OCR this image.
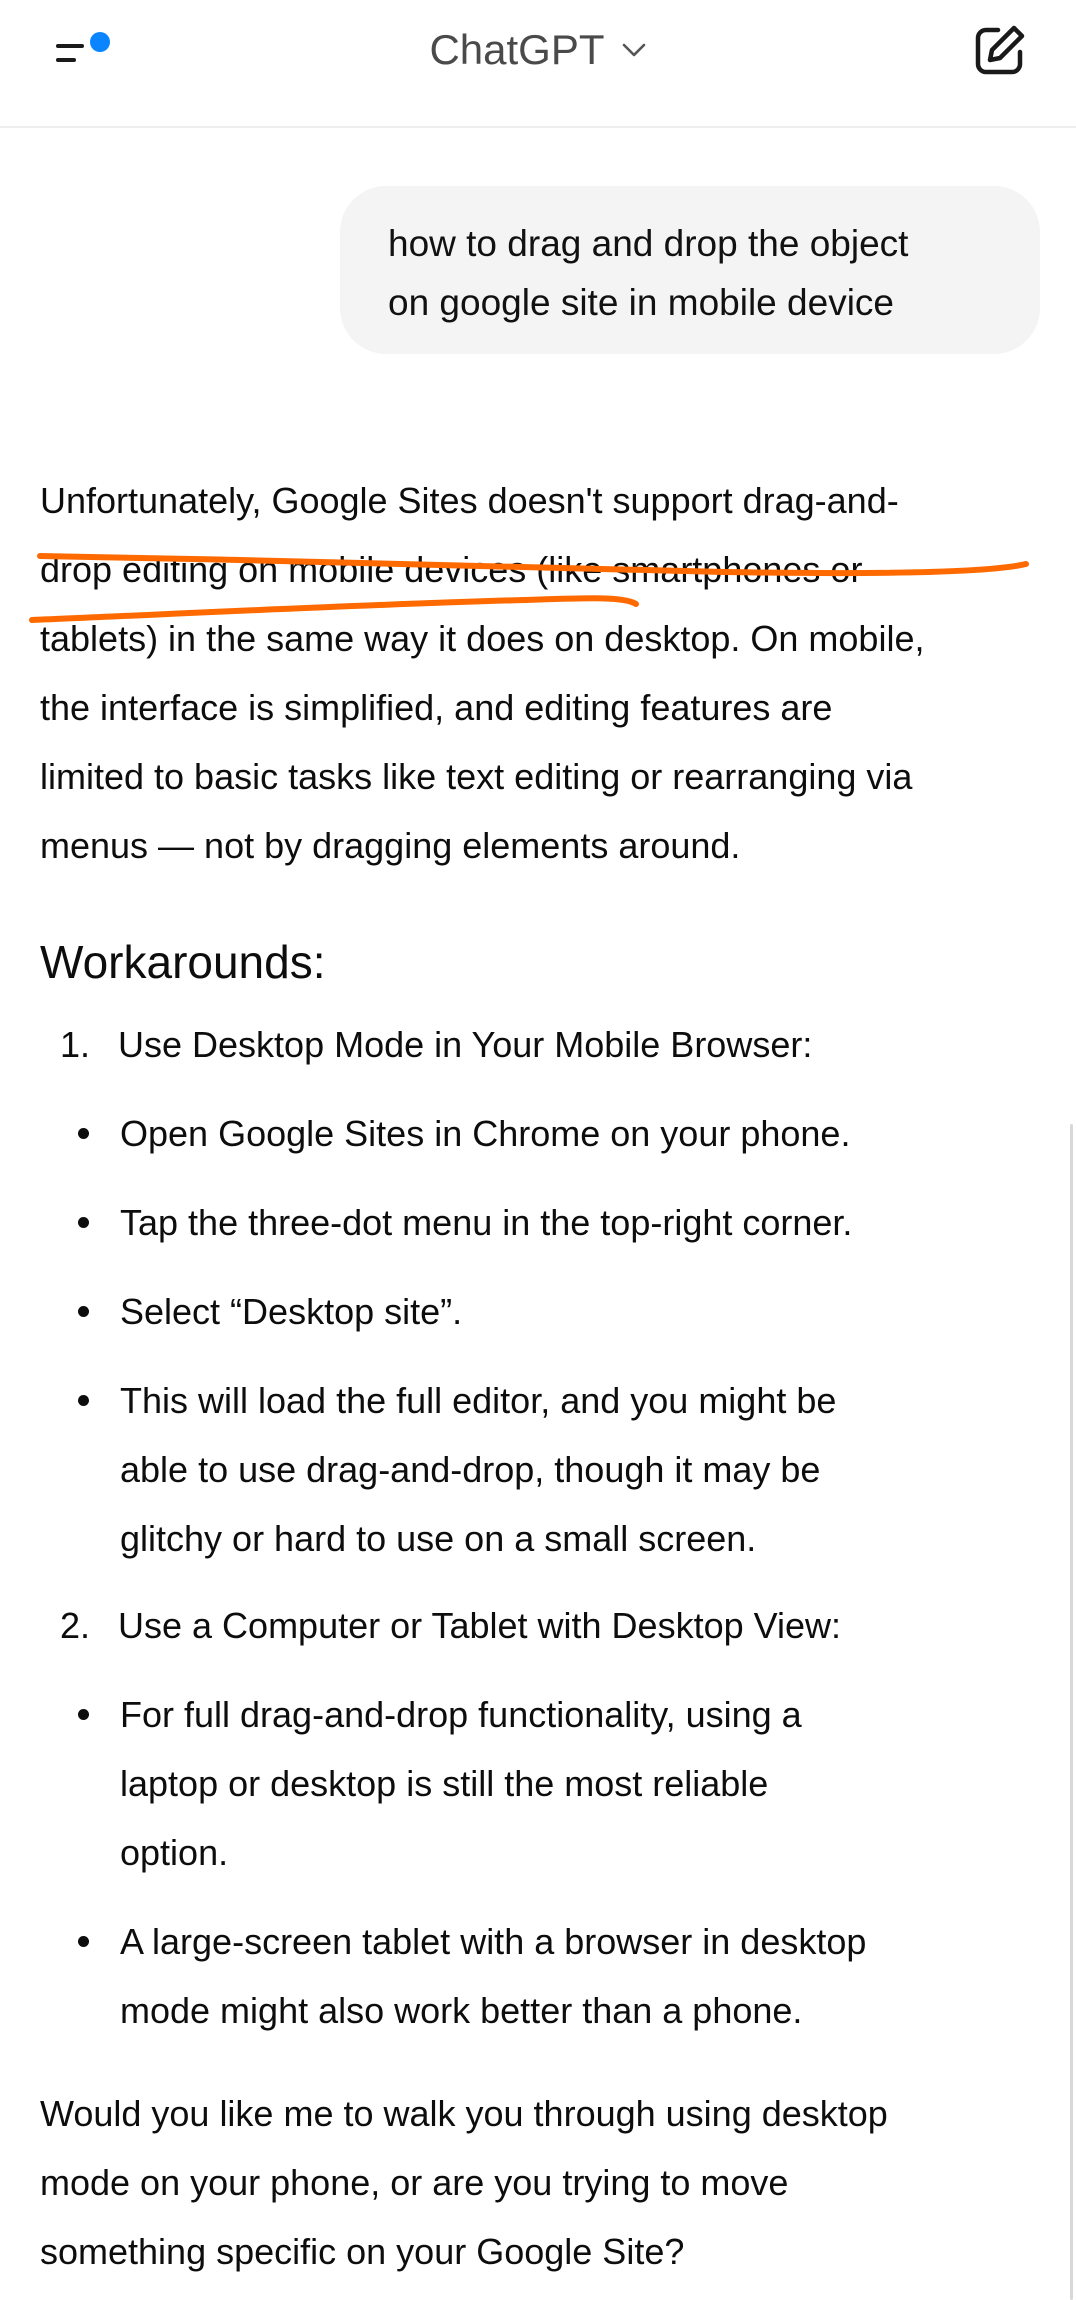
ChatGPT
how to drag and drop the object
on google site in mobile device

Unfortunately, Google Sites doesn't support drag-and-

drop editing on mobile devices (like smartphones or

tablets) in the same way it does on desktop. On mobile,

the interface is simplified, and editing features are

limited to basic tasks like text editing or rearranging via

menus — not by dragging elements around.

Workarounds:
1. Use Desktop Mode in Your Mobile Browser:
Open Google Sites in Chrome on your phone.
Tap the three-dot menu in the top-right corner.
Select “Desktop site”.
This will load the full editor, and you might be
able to use drag-and-drop, though it may be
glitchy or hard to use on a small screen.
2. Use a Computer or Tablet with Desktop View:
For full drag-and-drop functionality, using a
laptop or desktop is still the most reliable
option.
A large-screen tablet with a browser in desktop
mode might also work better than a phone.

Would you like me to walk you through using desktop

mode on your phone, or are you trying to move

something specific on your Google Site?
